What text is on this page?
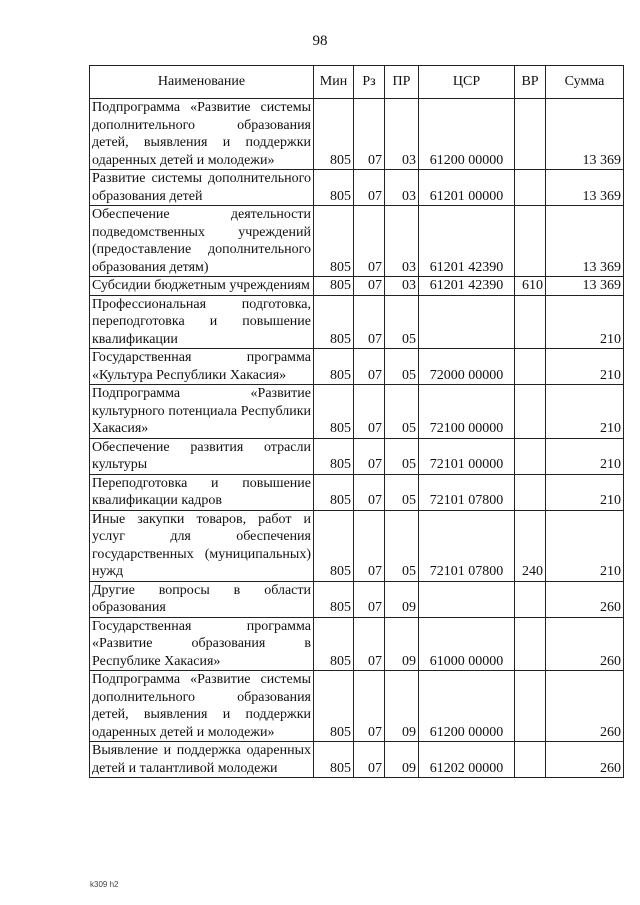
98
Наименование	Мин	Рз	ПР	ЦСР	ВР	Сумма
Подпрограмма «Развитие системы дополнительного образования детей, выявления и поддержки одаренных детей и молодежи»	805	07	03	61200 00000		13 369
Развитие системы дополнительного образования детей	805	07	03	61201 00000		13 369
Обеспечение деятельности подведомственных учреждений (предоставление дополнительного образования детям)	805	07	03	61201 42390		13 369
Субсидии бюджетным учреждениям	805	07	03	61201 42390	610	13 369
Профессиональная подготовка, переподготовка и повышение квалификации	805	07	05			210
Государственная программа «Культура Республики Хакасия»	805	07	05	72000 00000		210
Подпрограмма «Развитие культурного потенциала Республики Хакасия»	805	07	05	72100 00000		210
Обеспечение развития отрасли культуры	805	07	05	72101 00000		210
Переподготовка и повышение квалификации кадров	805	07	05	72101 07800		210
Иные закупки товаров, работ и услуг для обеспечения государственных (муниципальных) нужд	805	07	05	72101 07800	240	210
Другие вопросы в области образования	805	07	09			260
Государственная программа «Развитие образования в Республике Хакасия»	805	07	09	61000 00000		260
Подпрограмма «Развитие системы дополнительного образования детей, выявления и поддержки одаренных детей и молодежи»	805	07	09	61200 00000		260
Выявление и поддержка одаренных детей и талантливой молодежи	805	07	09	61202 00000		260
k309 h2
